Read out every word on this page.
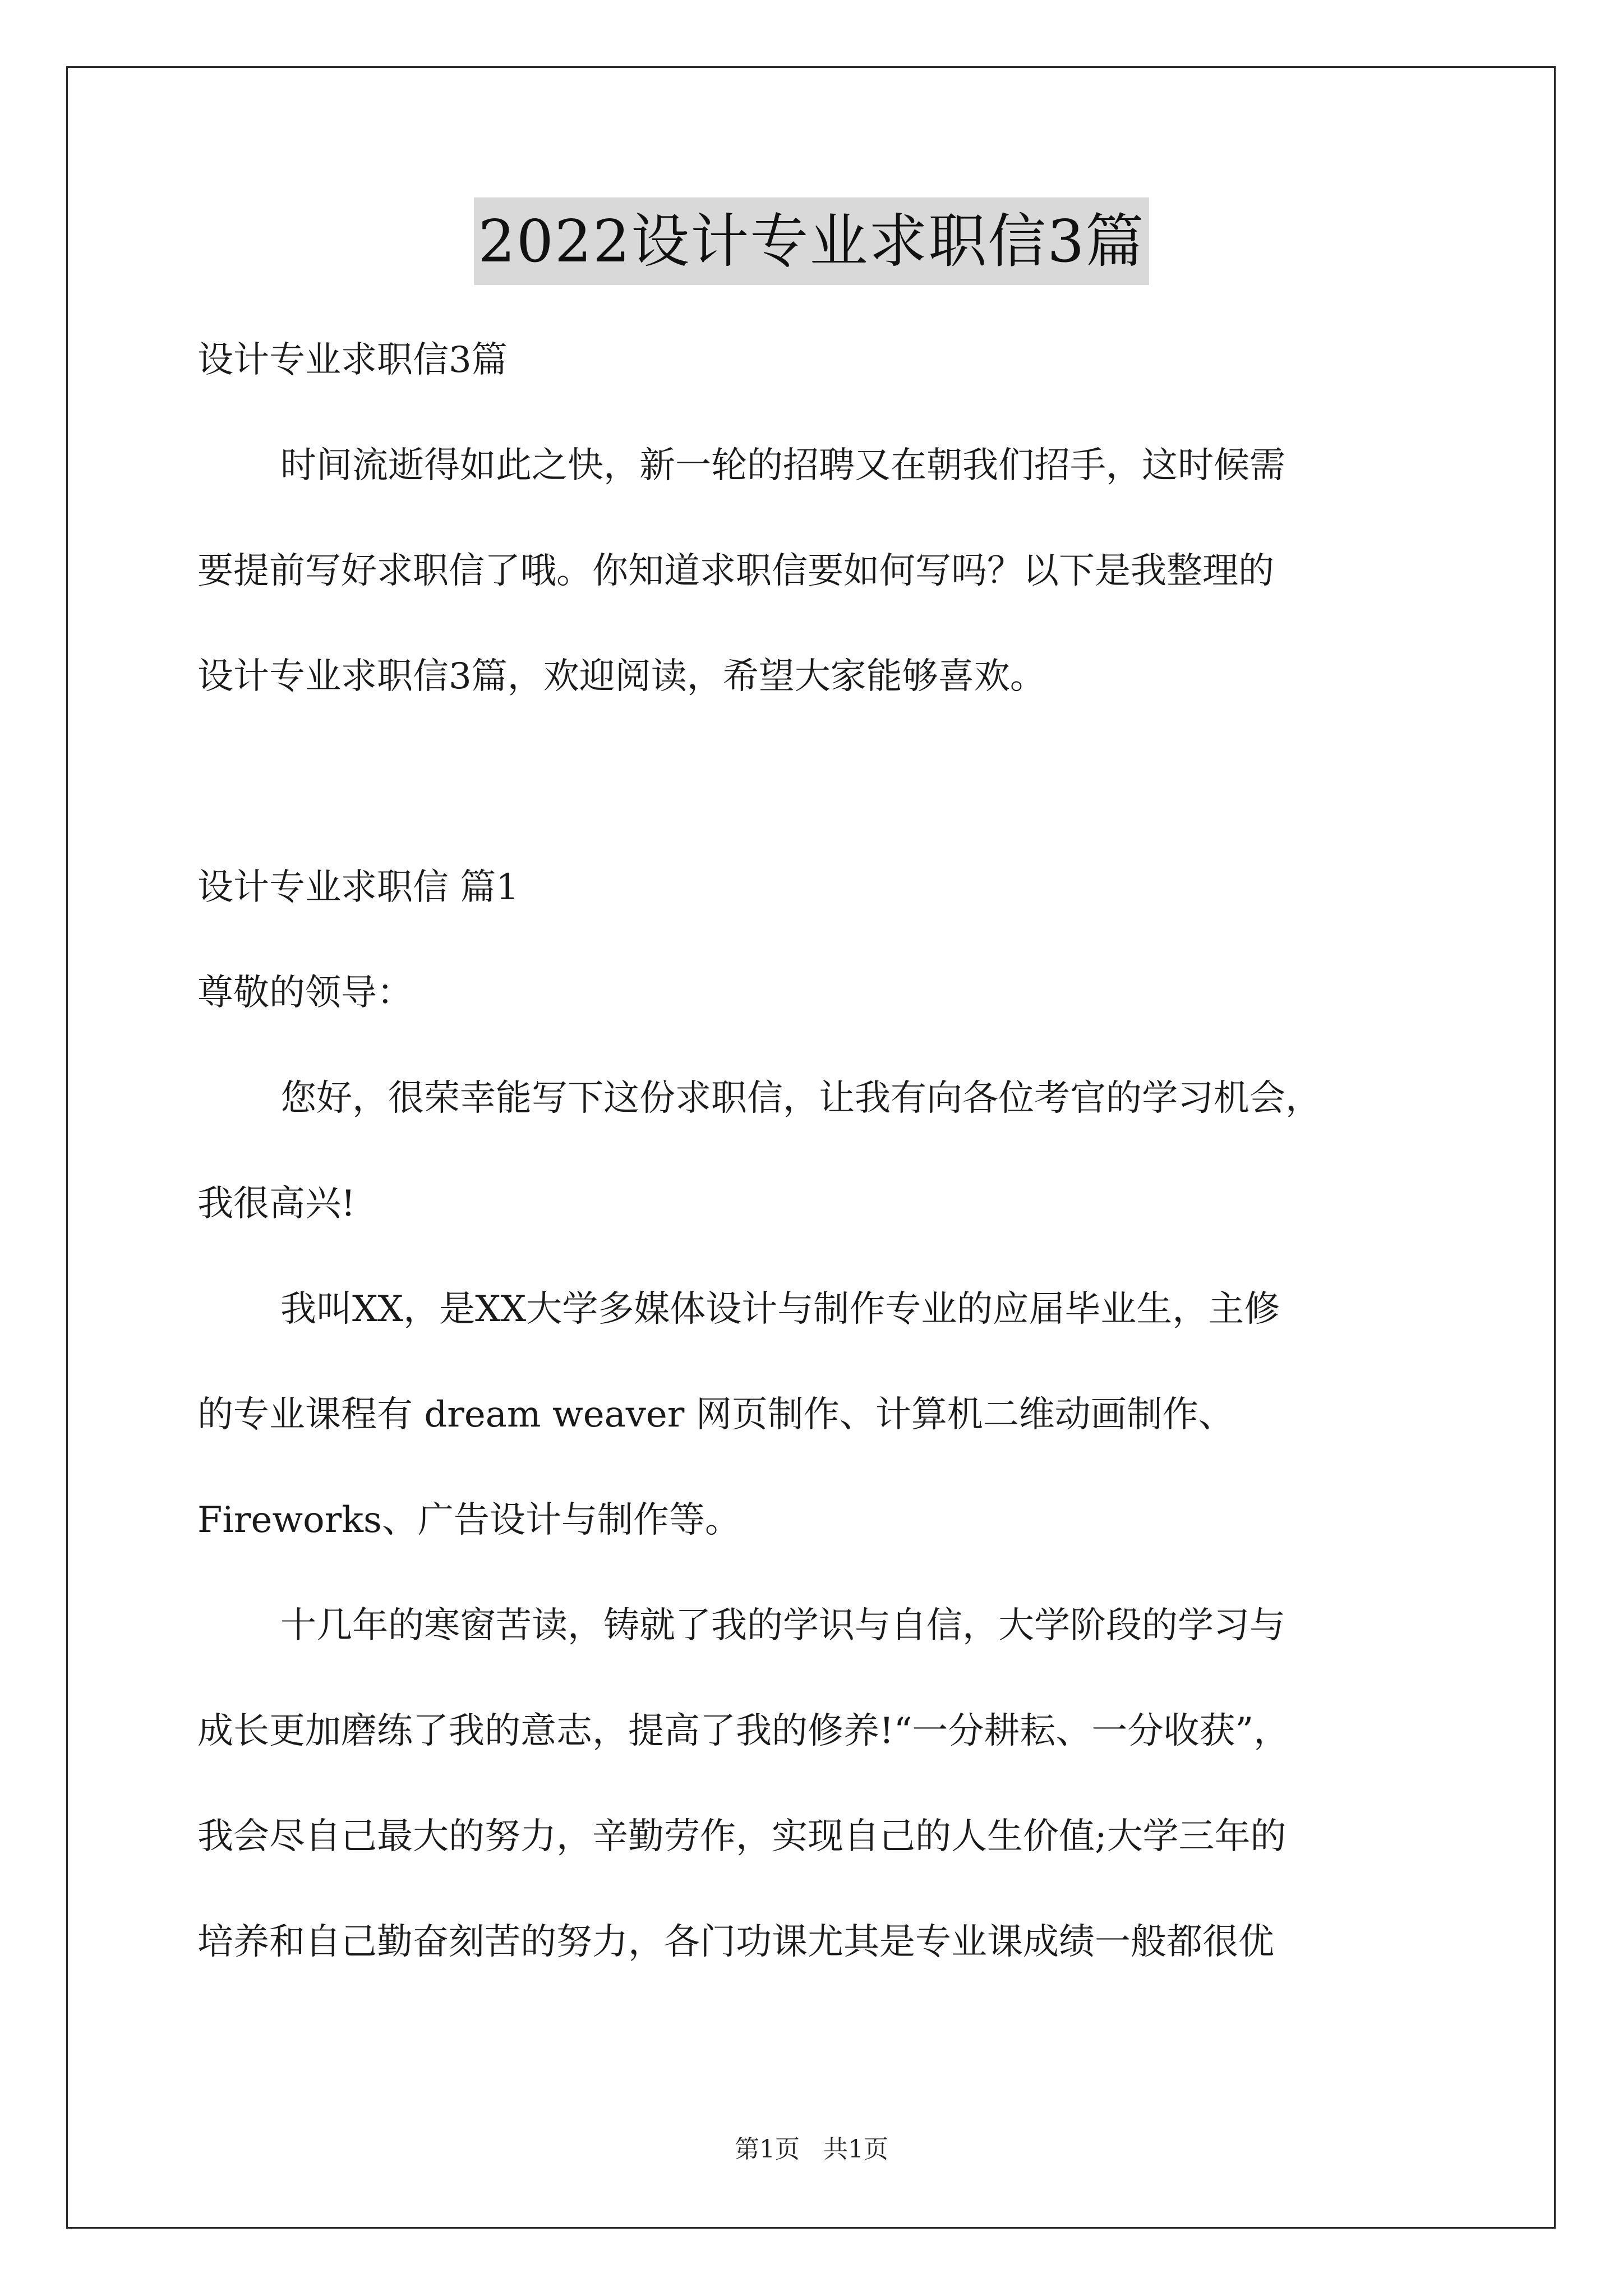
2022设计专业求职信3篇

设计专业求职信3篇

时间流逝得如此之快，新一轮的招聘又在朝我们招手，这时候需

要提前写好求职信了哦。你知道求职信要如何写吗？以下是我整理的

设计专业求职信3篇，欢迎阅读，希望大家能够喜欢。

设计专业求职信 篇1

尊敬的领导：

您好，很荣幸能写下这份求职信，让我有向各位考官的学习机会，

我很高兴!

我叫XX，是XX大学多媒体设计与制作专业的应届毕业生，主修

的专业课程有 dream weaver 网页制作、计算机二维动画制作、

Fireworks、广告设计与制作等。

十几年的寒窗苦读，铸就了我的学识与自信，大学阶段的学习与

成长更加磨练了我的意志，提高了我的修养!“一分耕耘、一分收获”，

我会尽自己最大的努力，辛勤劳作，实现自己的人生价值;大学三年的

培养和自己勤奋刻苦的努力，各门功课尤其是专业课成绩一般都很优

第1页   共1页
